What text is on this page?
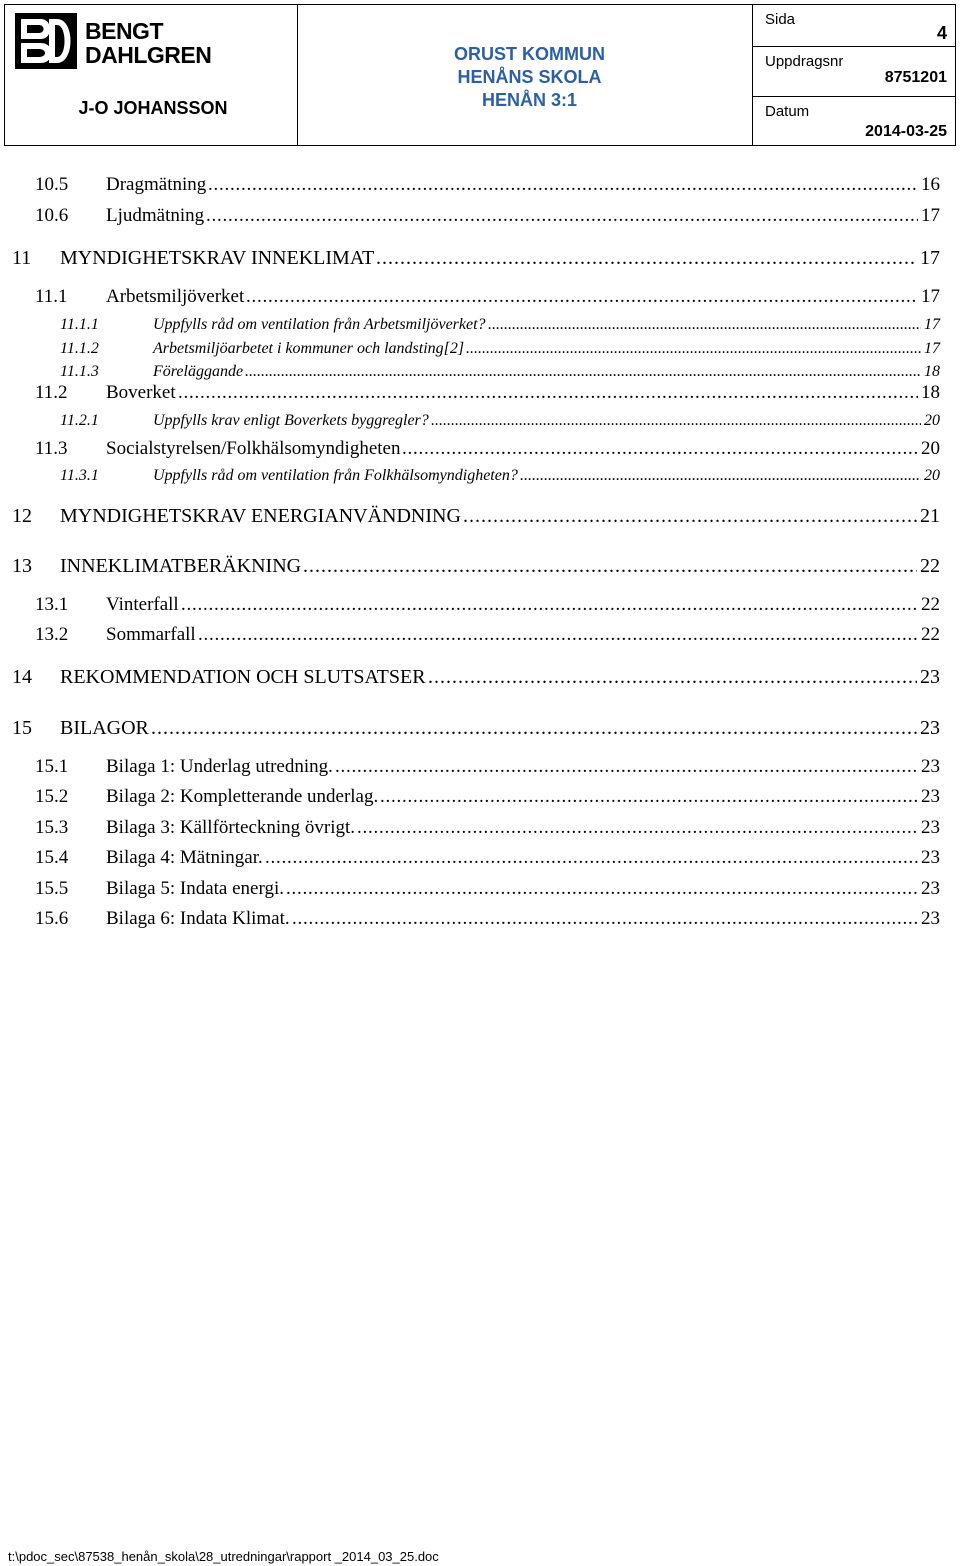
BENGT
DAHLGREN
J-O JOHANSSON
ORUST KOMMUN
HENÅNS SKOLA
HENÅN 3:1
Sida
4
Uppdragsnr
8751201
Datum
2014-03-25
10.5 Dragmätning . . .	16
10.6 Ljudmätning . . .	17
11 MYNDIGHETSKRAV INNEKLIMAT . . .	17
11.1 Arbetsmiljöverket . . .	17
11.1.1	Uppfylls råd om ventilation från Arbetsmiljöverket? . . .	17
11.1.2	Arbetsmiljöarbetet i kommuner och landsting[2] . . .	17
11.1.3	Föreläggande . . .	18
11.2 Boverket . . .	18
11.2.1	Uppfylls krav enligt Boverkets byggregler? . . .	20
11.3 Socialstyrelsen/Folkhälsomyndigheten . . .	20
11.3.1	Uppfylls råd om ventilation från Folkhälsomyndigheten? . . .	20
12 MYNDIGHETSKRAV ENERGIANVÄNDNING . . .	21
13 INNEKLIMATBERÄKNING . . .	22
13.1 Vinterfall . . .	22
13.2 Sommarfall . . .	22
14 REKOMMENDATION OCH SLUTSATSER . . .	23
15 BILAGOR . . .	23
15.1 Bilaga 1: Underlag utredning. . . .	23
15.2 Bilaga 2: Kompletterande underlag. . . .	23
15.3 Bilaga 3: Källförteckning övrigt. . . .	23
15.4 Bilaga 4: Mätningar. . . .	23
15.5 Bilaga 5: Indata energi. . . .	23
15.6 Bilaga 6: Indata Klimat. . . .	23
t:\pdoc_sec\87538_henån_skola\28_utredningar\rapport _2014_03_25.doc
